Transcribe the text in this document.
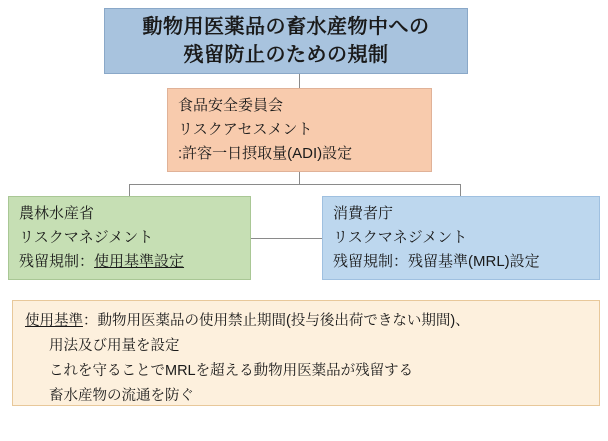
動物用医薬品の畜水産物中への
残留防止のための規制
食品安全委員会
リスクアセスメント
:許容一日摂取量(ADI)設定
農林水産省
リスクマネジメント
残留規制：使用基準設定
消費者庁
リスクマネジメント
残留規制：残留基準(MRL)設定
使用基準：動物用医薬品の使用禁止期間(投与後出荷できない期間)、
用法及び用量を設定
これを守ることでMRLを超える動物用医薬品が残留する
畜水産物の流通を防ぐ
